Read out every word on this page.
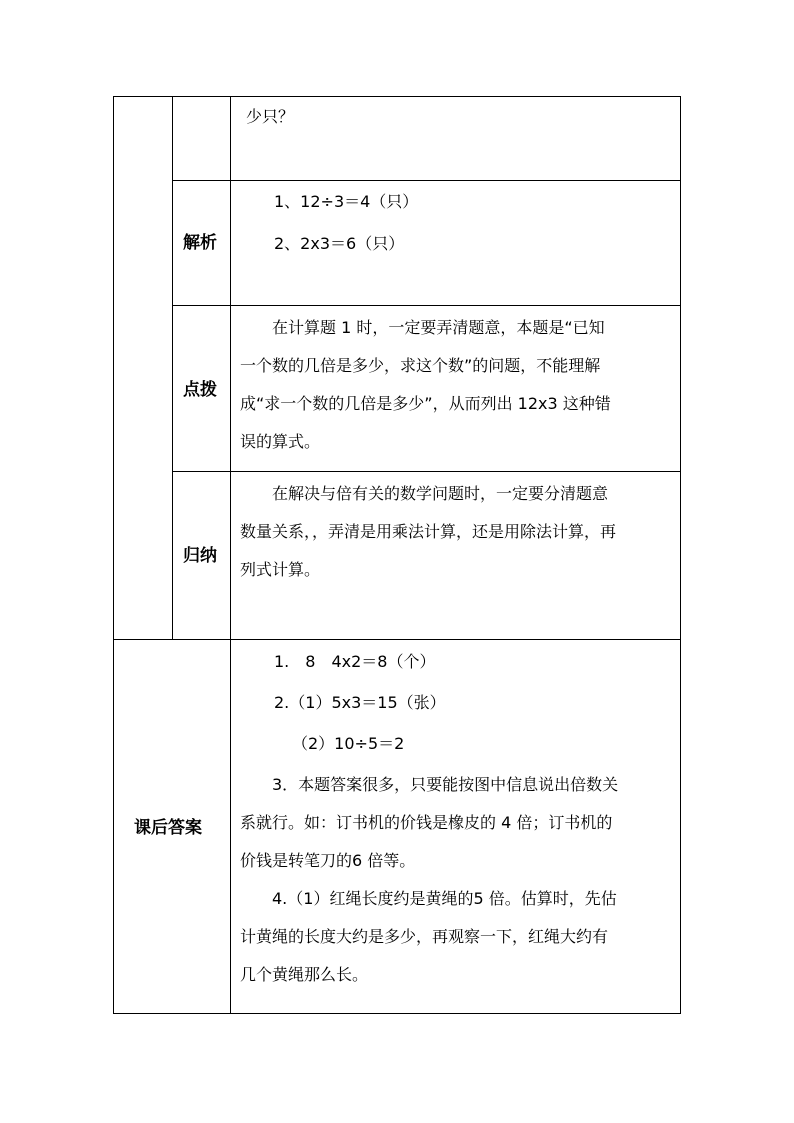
少只？
解析
1、12÷3＝4（只）
2、2x3＝6（只）
点拨
在计算题 1 时，一定要弄清题意，本题是“已知
一个数的几倍是多少，求这个数”的问题，不能理解
成“求一个数的几倍是多少”，从而列出 12x3 这种错
误的算式。
归纳
在解决与倍有关的数学问题时，一定要分清题意
数量关系，，弄清是用乘法计算，还是用除法计算，再
列式计算。
课后答案
1.　8　4x2＝8（个）
2.（1）5x3＝15（张）
（2）10÷5＝2
3．本题答案很多，只要能按图中信息说出倍数关
系就行。如：订书机的价钱是橡皮的 4 倍；订书机的
价钱是转笔刀的6 倍等。
4.（1）红绳长度约是黄绳的5 倍。估算时，先估
计黄绳的长度大约是多少，再观察一下，红绳大约有
几个黄绳那么长。
